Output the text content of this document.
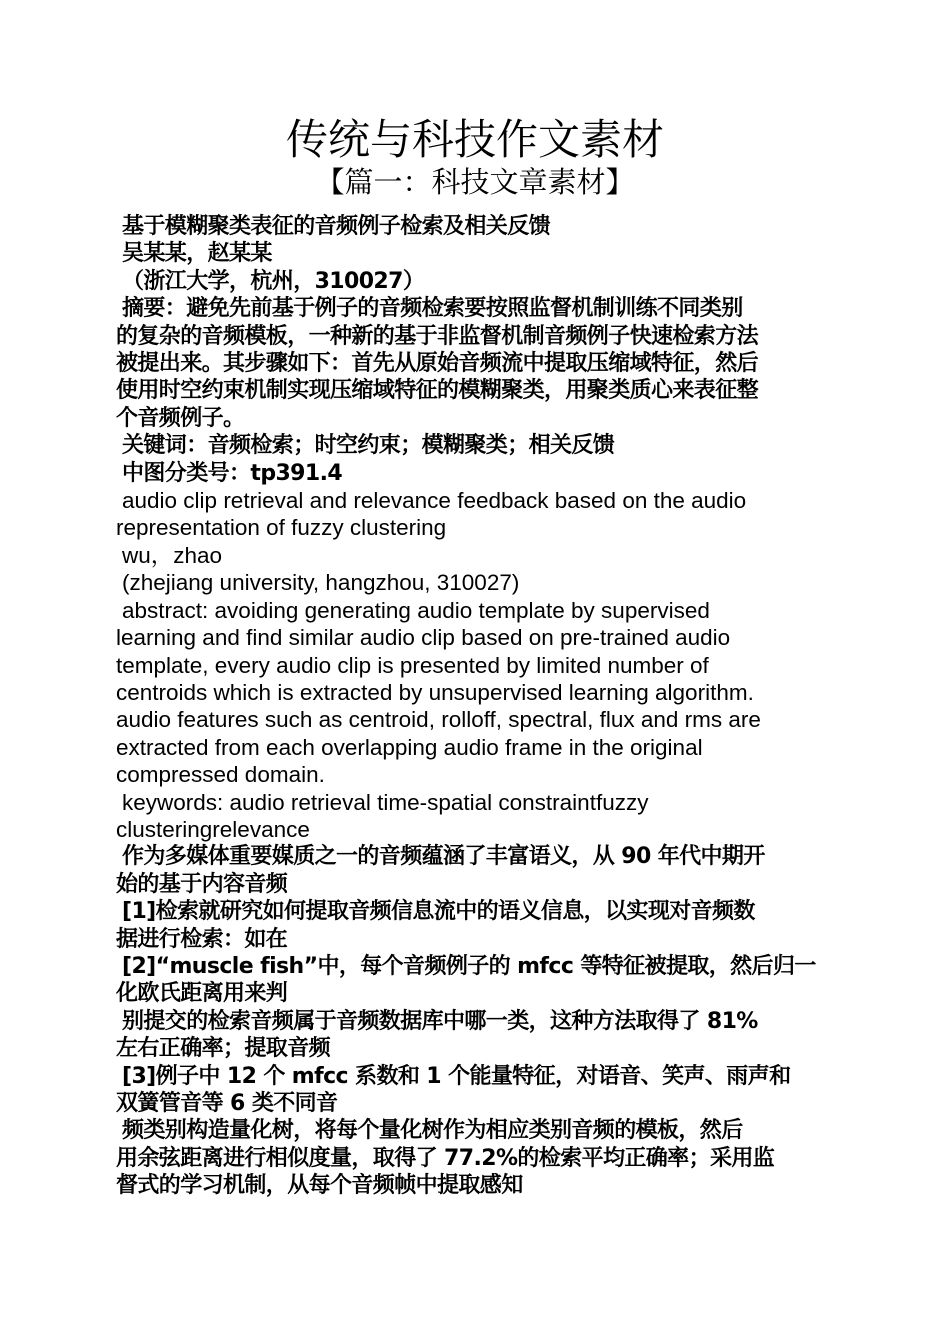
传统与科技作文素材
【篇一：科技文章素材】

基于模糊聚类表征的音频例子检索及相关反馈

吴某某，赵某某

（浙江大学，杭州，310027）

摘要：避免先前基于例子的音频检索要按照监督机制训练不同类别

的复杂的音频模板，一种新的基于非监督机制音频例子快速检索方法

被提出来。其步骤如下：首先从原始音频流中提取压缩域特征，然后

使用时空约束机制实现压缩域特征的模糊聚类，用聚类质心来表征整

个音频例子。

关键词：音频检索；时空约束；模糊聚类；相关反馈

中图分类号：tp391.4

audio clip retrieval and relevance feedback based on the audio

representation of fuzzy clustering

wu，zhao

(zhejiang university, hangzhou, 310027)

abstract: avoiding generating audio template by supervised

learning and find similar audio clip based on pre-trained audio

template, every audio clip is presented by limited number of

centroids which is extracted by unsupervised learning algorithm.

audio features such as centroid, rolloff, spectral, flux and rms are

extracted from each overlapping audio frame in the original

compressed domain.

keywords: audio retrieval time-spatial constraintfuzzy

clusteringrelevance

作为多媒体重要媒质之一的音频蕴涵了丰富语义，从 90 年代中期开

始的基于内容音频

[1]检索就研究如何提取音频信息流中的语义信息，以实现对音频数

据进行检索：如在

[2]“muscle fish”中，每个音频例子的 mfcc 等特征被提取，然后归一

化欧氏距离用来判

别提交的检索音频属于音频数据库中哪一类，这种方法取得了 81%

左右正确率；提取音频

[3]例子中 12 个 mfcc 系数和 1 个能量特征，对语音、笑声、雨声和

双簧管音等 6 类不同音

频类别构造量化树，将每个量化树作为相应类别音频的模板，然后

用余弦距离进行相似度量，取得了 77.2%的检索平均正确率；采用监

督式的学习机制，从每个音频帧中提取感知
